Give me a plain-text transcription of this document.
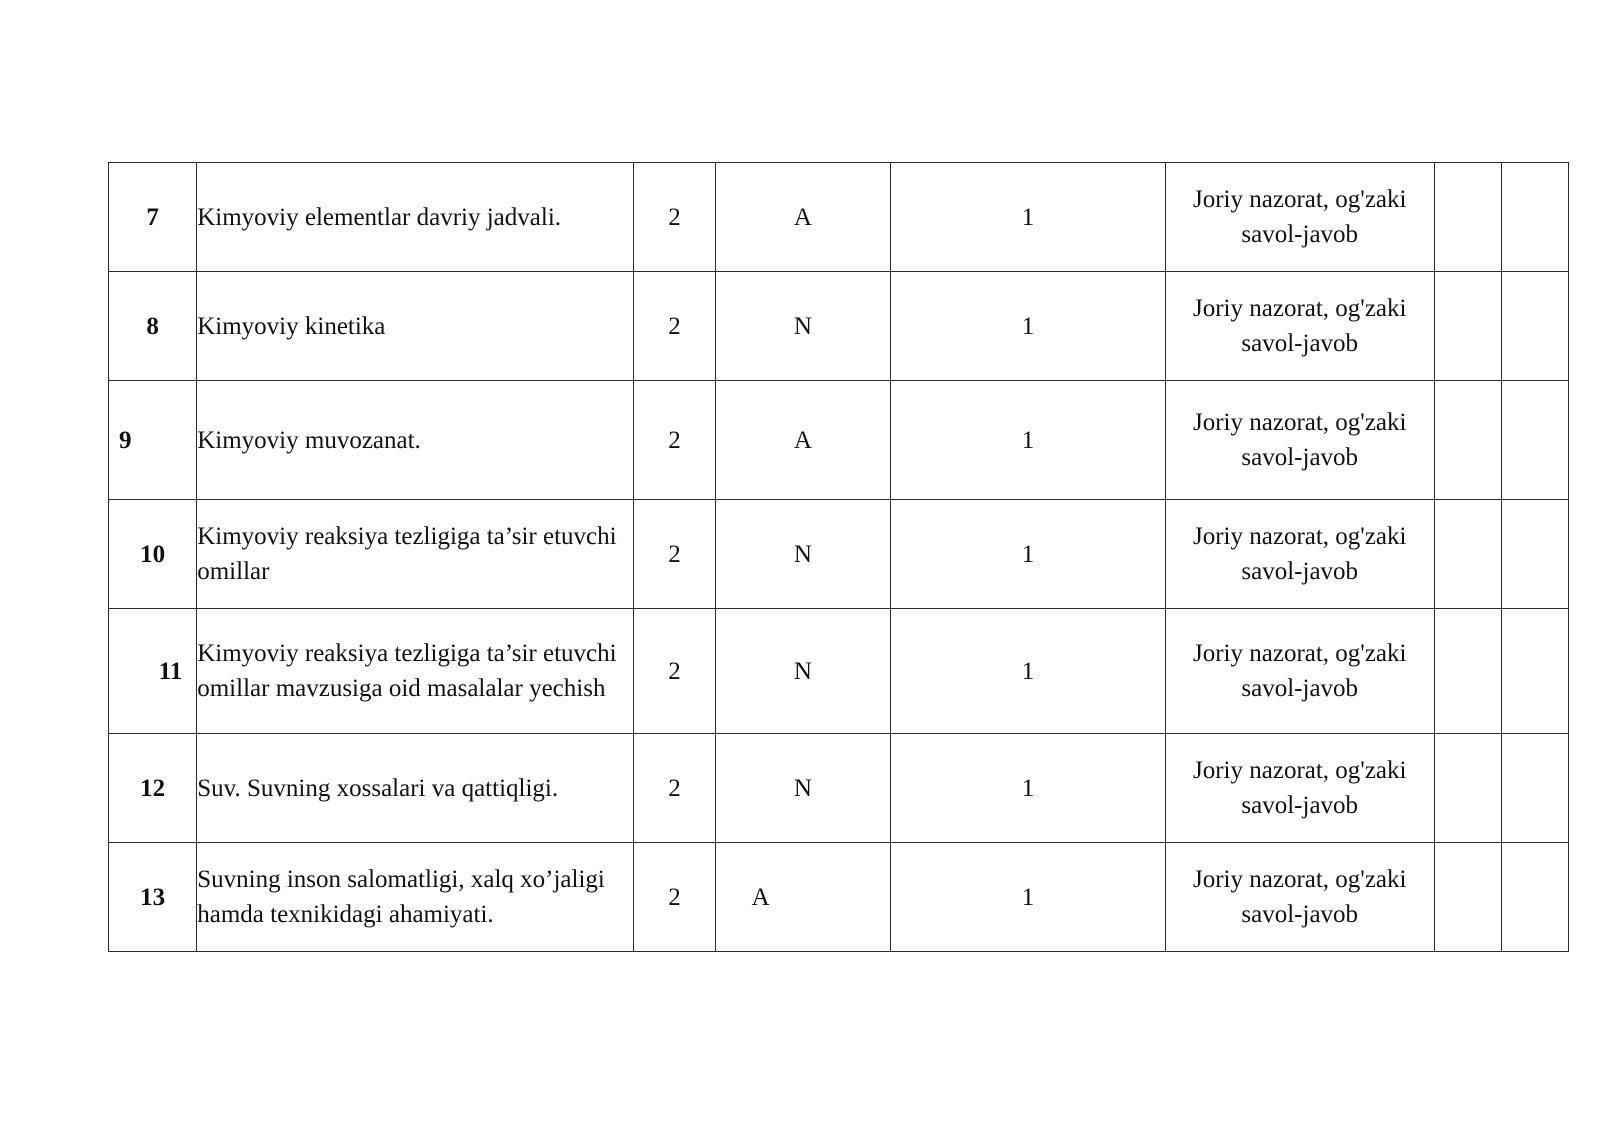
7	Kimyoviy elementlar davriy jadvali.	2	A	1	Joriy nazorat, og'zaki savol-javob		
8	Kimyoviy kinetika	2	N	1	Joriy nazorat, og'zaki savol-javob		
9	Kimyoviy muvozanat.	2	A	1	Joriy nazorat, og'zaki savol-javob		
10	Kimyoviy reaksiya tezligiga ta’sir etuvchi omillar	2	N	1	Joriy nazorat, og'zaki savol-javob		
11	Kimyoviy reaksiya tezligiga ta’sir etuvchi omillar mavzusiga oid masalalar yechish	2	N	1	Joriy nazorat, og'zaki savol-javob		
12	Suv. Suvning xossalari va qattiqligi.	2	N	1	Joriy nazorat, og'zaki savol-javob		
13	Suvning inson salomatligi, xalq xo’jaligi hamda texnikidagi ahamiyati.	2	A	1	Joriy nazorat, og'zaki savol-javob		
